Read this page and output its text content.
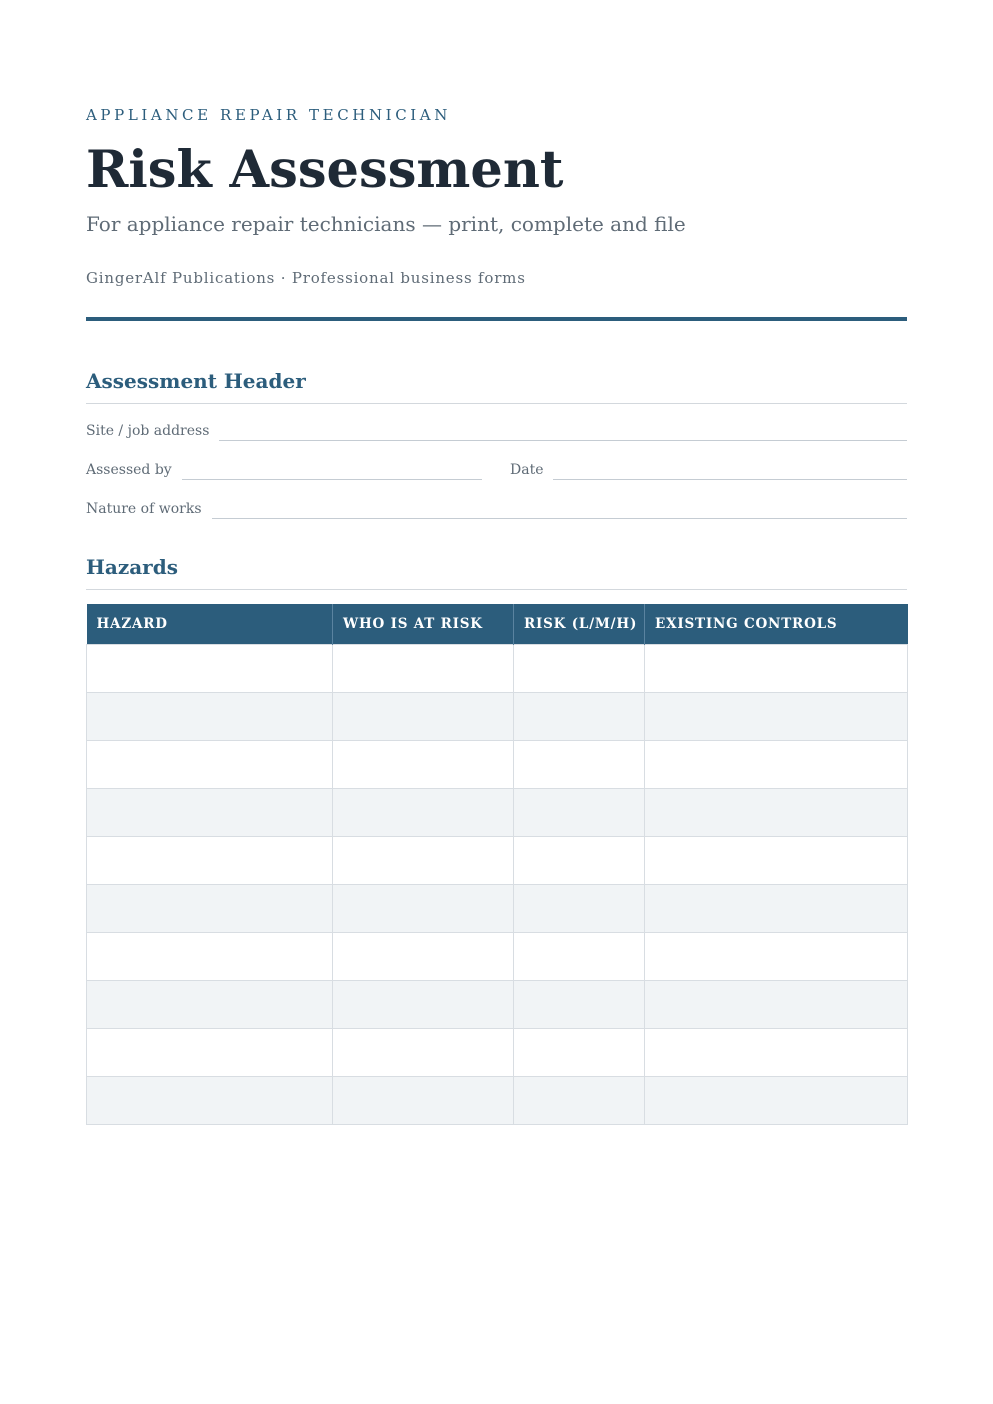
APPLIANCE REPAIR TECHNICIAN
Risk Assessment
For appliance repair technicians — print, complete and file
GingerAlf Publications · Professional business forms
Assessment Header
Site / job address
Assessed by	Date
Nature of works
Hazards
HAZARD	WHO IS AT RISK	RISK (L/M/H)	EXISTING CONTROLS
